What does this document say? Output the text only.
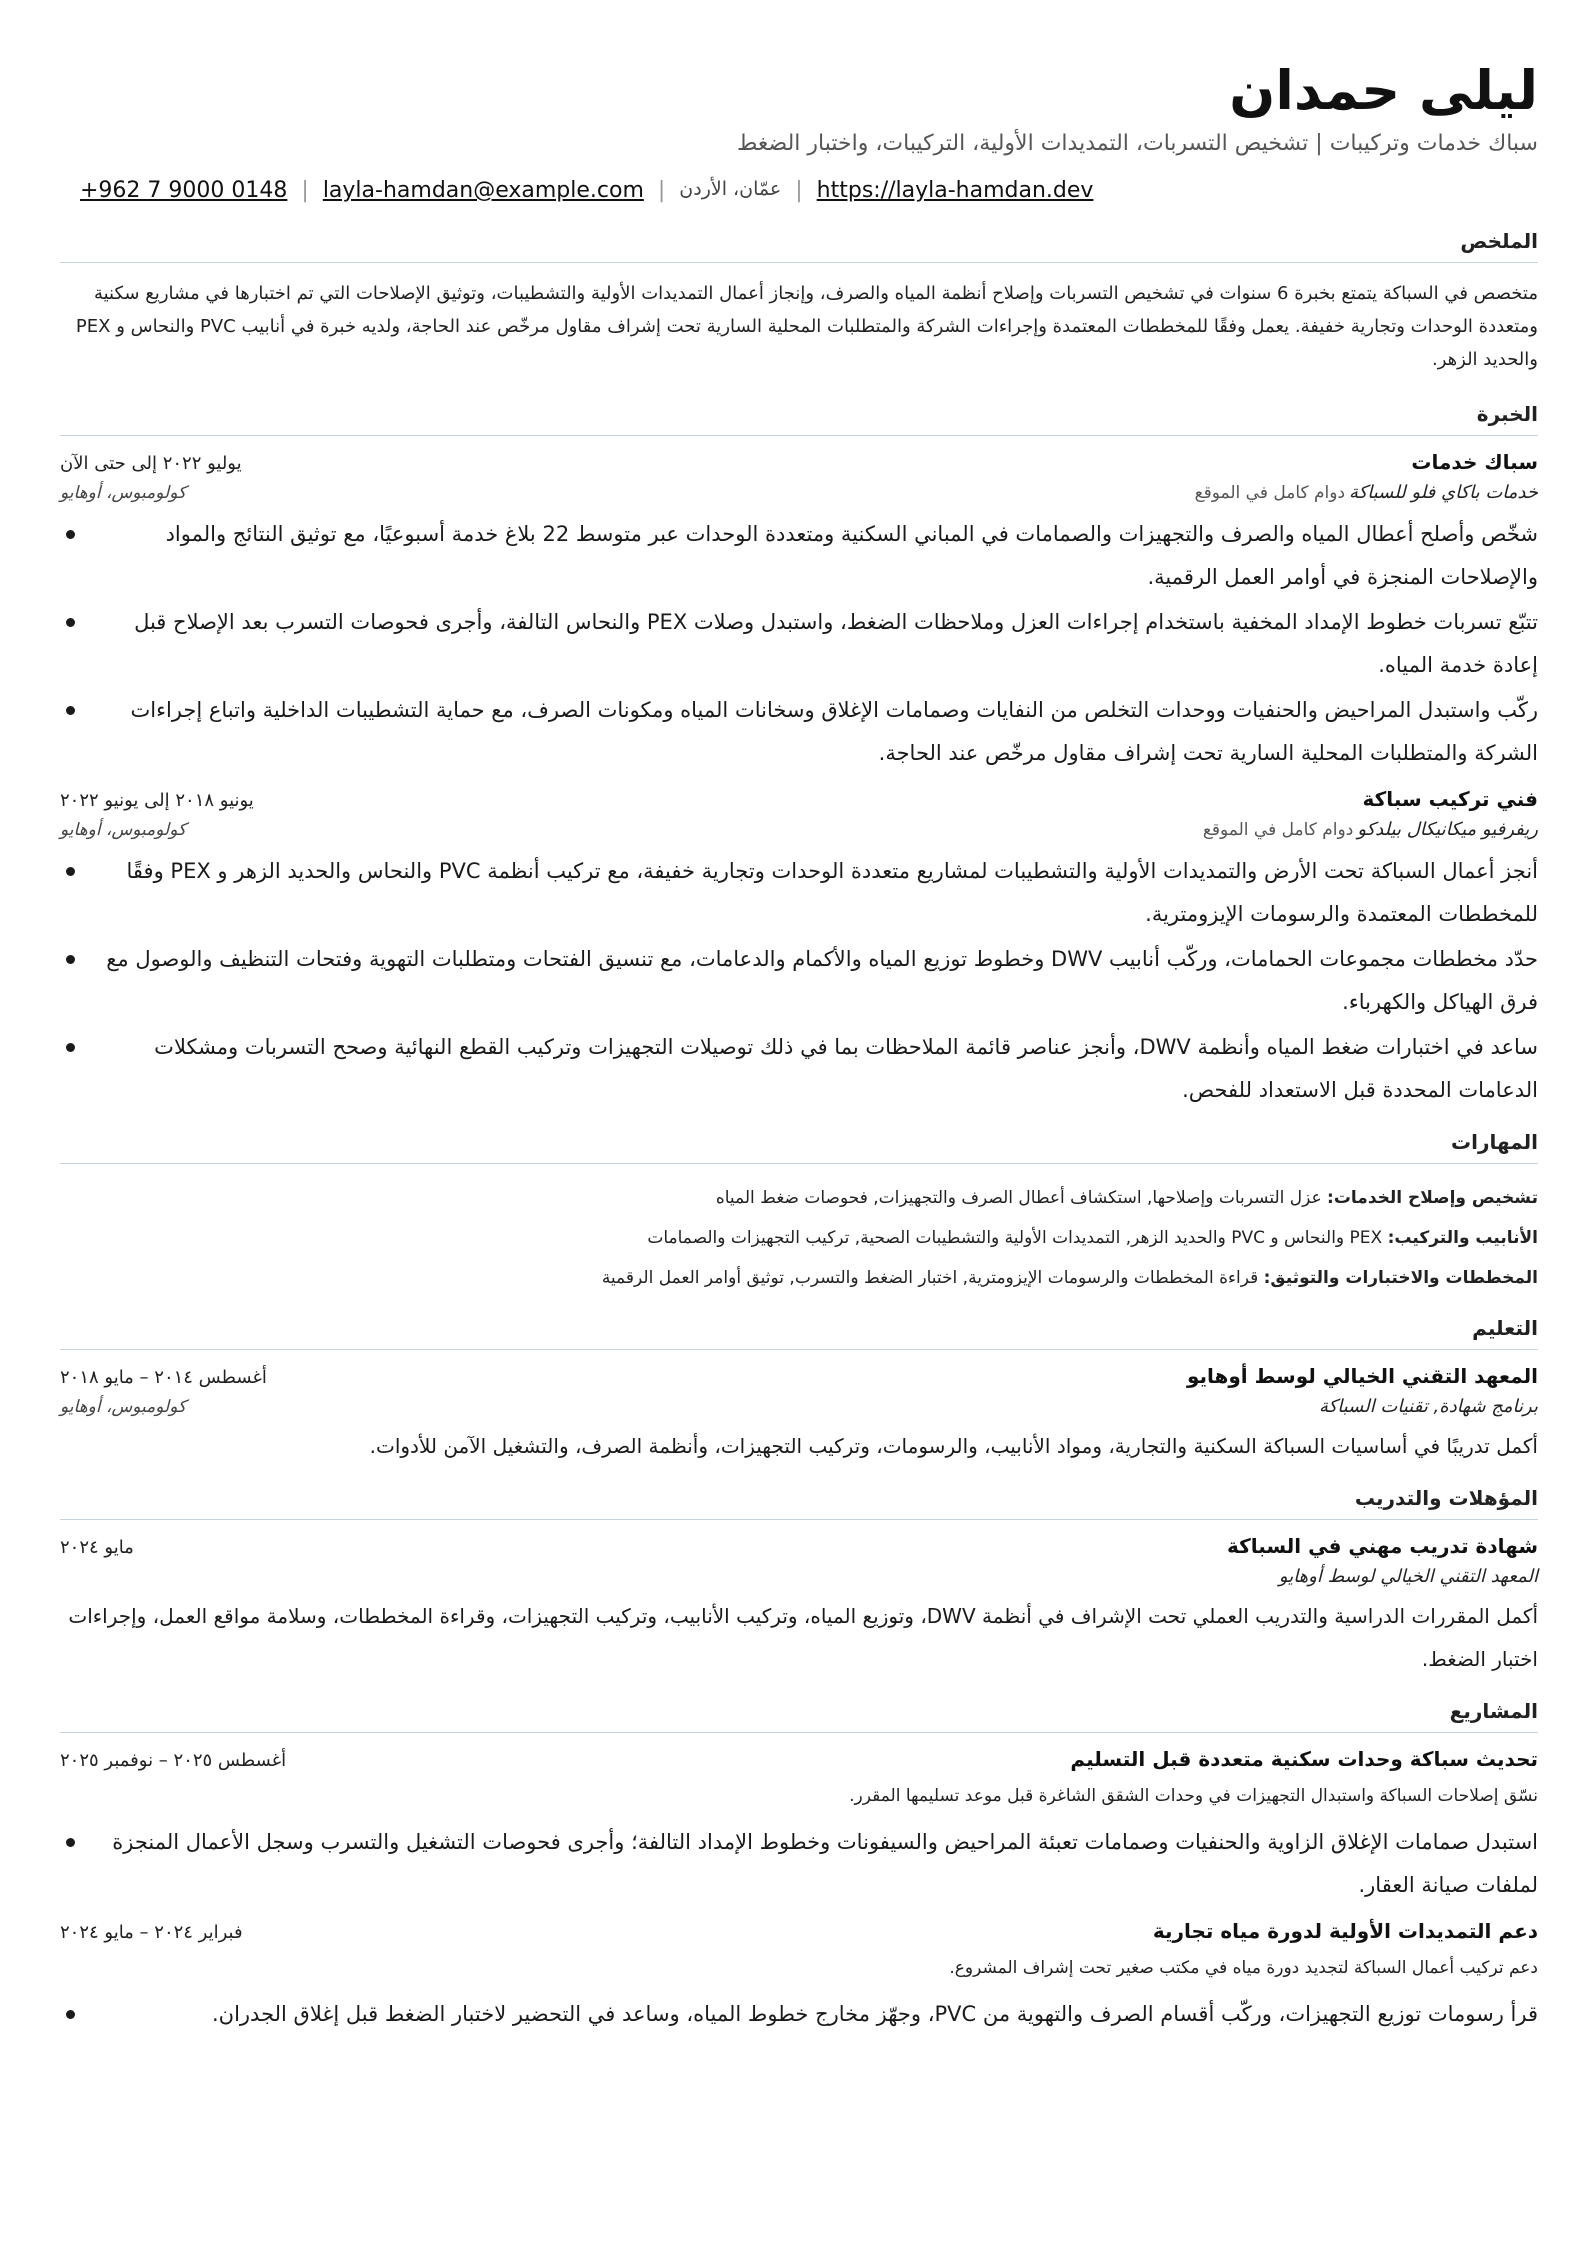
ليلى حمدان
سباك خدمات وتركيبات | تشخيص التسربات، التمديدات الأولية، التركيبات، واختبار الضغط
+962 7 9000 0148 | layla-hamdan@example.com | عمّان، الأردن | https://layla-hamdan.dev
الملخص
متخصص في السباكة يتمتع بخبرة 6 سنوات في تشخيص التسربات وإصلاح أنظمة المياه والصرف، وإنجاز أعمال التمديدات الأولية والتشطيبات، وتوثيق الإصلاحات التي تم اختبارها في مشاريع سكنية ومتعددة الوحدات وتجارية خفيفة. يعمل وفقًا للمخططات المعتمدة وإجراءات الشركة والمتطلبات المحلية السارية تحت إشراف مقاول مرخّص عند الحاجة، ولديه خبرة في أنابيب PVC والنحاس و PEX والحديد الزهر.
الخبرة
سباك خدمات
يوليو ٢٠٢٢ إلى حتى الآن
خدمات باكاي فلو للسباكةدوام كامل في الموقع
كولومبوس، أوهايو
شخّص وأصلح أعطال المياه والصرف والتجهيزات والصمامات في المباني السكنية ومتعددة الوحدات عبر متوسط 22 بلاغ خدمة أسبوعيًا، مع توثيق النتائج والمواد والإصلاحات المنجزة في أوامر العمل الرقمية.
تتبّع تسربات خطوط الإمداد المخفية باستخدام إجراءات العزل وملاحظات الضغط، واستبدل وصلات PEX والنحاس التالفة، وأجرى فحوصات التسرب بعد الإصلاح قبل إعادة خدمة المياه.
ركّب واستبدل المراحيض والحنفيات ووحدات التخلص من النفايات وصمامات الإغلاق وسخانات المياه ومكونات الصرف، مع حماية التشطيبات الداخلية واتباع إجراءات الشركة والمتطلبات المحلية السارية تحت إشراف مقاول مرخّص عند الحاجة.
فني تركيب سباكة
يونيو ٢٠١٨ إلى يونيو ٢٠٢٢
ريفرفيو ميكانيكال بيلدكودوام كامل في الموقع
كولومبوس، أوهايو
أنجز أعمال السباكة تحت الأرض والتمديدات الأولية والتشطيبات لمشاريع متعددة الوحدات وتجارية خفيفة، مع تركيب أنظمة PVC والنحاس والحديد الزهر و PEX وفقًا للمخططات المعتمدة والرسومات الإيزومترية.
حدّد مخططات مجموعات الحمامات، وركّب أنابيب DWV وخطوط توزيع المياه والأكمام والدعامات، مع تنسيق الفتحات ومتطلبات التهوية وفتحات التنظيف والوصول مع فرق الهياكل والكهرباء.
ساعد في اختبارات ضغط المياه وأنظمة DWV، وأنجز عناصر قائمة الملاحظات بما في ذلك توصيلات التجهيزات وتركيب القطع النهائية وصحح التسربات ومشكلات الدعامات المحددة قبل الاستعداد للفحص.
المهارات
تشخيص وإصلاح الخدمات: عزل التسربات وإصلاحها, استكشاف أعطال الصرف والتجهيزات, فحوصات ضغط المياه
الأنابيب والتركيب: PEX والنحاس و PVC والحديد الزهر, التمديدات الأولية والتشطيبات الصحية, تركيب التجهيزات والصمامات
المخططات والاختبارات والتوثيق: قراءة المخططات والرسومات الإيزومترية, اختبار الضغط والتسرب, توثيق أوامر العمل الرقمية
التعليم
المعهد التقني الخيالي لوسط أوهايو
أغسطس ٢٠١٤ – مايو ٢٠١٨
برنامج شهادة, تقنيات السباكة
كولومبوس، أوهايو
أكمل تدريبًا في أساسيات السباكة السكنية والتجارية، ومواد الأنابيب، والرسومات، وتركيب التجهيزات، وأنظمة الصرف، والتشغيل الآمن للأدوات.
المؤهلات والتدريب
شهادة تدريب مهني في السباكة
مايو ٢٠٢٤
المعهد التقني الخيالي لوسط أوهايو
أكمل المقررات الدراسية والتدريب العملي تحت الإشراف في أنظمة DWV، وتوزيع المياه، وتركيب الأنابيب، وتركيب التجهيزات، وقراءة المخططات، وسلامة مواقع العمل، وإجراءات اختبار الضغط.
المشاريع
تحديث سباكة وحدات سكنية متعددة قبل التسليم
أغسطس ٢٠٢٥ – نوفمبر ٢٠٢٥
نسّق إصلاحات السباكة واستبدال التجهيزات في وحدات الشقق الشاغرة قبل موعد تسليمها المقرر.
استبدل صمامات الإغلاق الزاوية والحنفيات وصمامات تعبئة المراحيض والسيفونات وخطوط الإمداد التالفة؛ وأجرى فحوصات التشغيل والتسرب وسجل الأعمال المنجزة لملفات صيانة العقار.
دعم التمديدات الأولية لدورة مياه تجارية
فبراير ٢٠٢٤ – مايو ٢٠٢٤
دعم تركيب أعمال السباكة لتجديد دورة مياه في مكتب صغير تحت إشراف المشروع.
قرأ رسومات توزيع التجهيزات، وركّب أقسام الصرف والتهوية من PVC، وجهّز مخارج خطوط المياه، وساعد في التحضير لاختبار الضغط قبل إغلاق الجدران.
